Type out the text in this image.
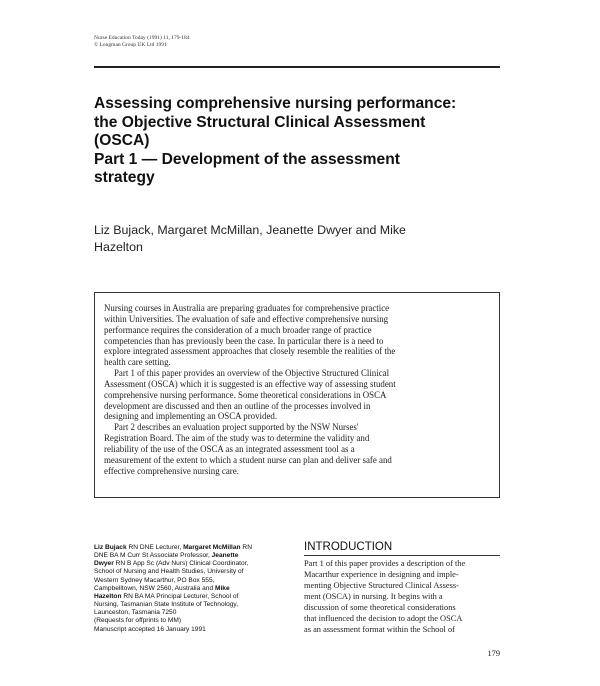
Nurse Education Today (1991) 11, 179-184
© Longman Group UK Ltd 1991
Assessing comprehensive nursing performance:
the Objective Structural Clinical Assessment
(OSCA)
Part 1 — Development of the assessment
strategy
Liz Bujack, Margaret McMillan, Jeanette Dwyer and Mike
Hazelton
Nursing courses in Australia are preparing graduates for comprehensive practice
within Universities. The evaluation of safe and effective comprehensive nursing
performance requires the consideration of a much broader range of practice
competencies than has previously been the case. In particular there is a need to
explore integrated assessment approaches that closely resemble the realities of the
health care setting.
Part 1 of this paper provides an overview of the Objective Structured Clinical
Assessment (OSCA) which it is suggested is an effective way of assessing student
comprehensive nursing performance. Some theoretical considerations in OSCA
development are discussed and then an outline of the processes involved in
designing and implementing an OSCA provided.
Part 2 describes an evaluation project supported by the NSW Nurses'
Registration Board. The aim of the study was to determine the validity and
reliability of the use of the OSCA as an integrated assessment tool as a
measurement of the extent to which a student nurse can plan and deliver safe and
effective comprehensive nursing care.
Liz Bujack RN DNE Lecturer, Margaret McMillan RN
DNE BA M Curr St Associate Professor, Jeanette
Dwyer RN B App Sc (Adv Nurs) Clinical Coordinator,
School of Nursing and Health Studies, University of
Western Sydney Macarthur, PO Box 555,
Campbelltown, NSW 2560, Australia and Mike
Hazelton RN BA MA Principal Lecturer, School of
Nursing, Tasmanian State Institute of Technology,
Launceston, Tasmania 7250
(Requests for offprints to MM)
Manuscript accepted 16 January 1991
INTRODUCTION
Part 1 of this paper provides a description of the
Macarthur experience in designing and imple-
menting Objective Structured Clinical Assess-
ment (OSCA) in nursing. It begins with a
discussion of some theoretical considerations
that influenced the decision to adopt the OSCA
as an assessment format within the School of
179
